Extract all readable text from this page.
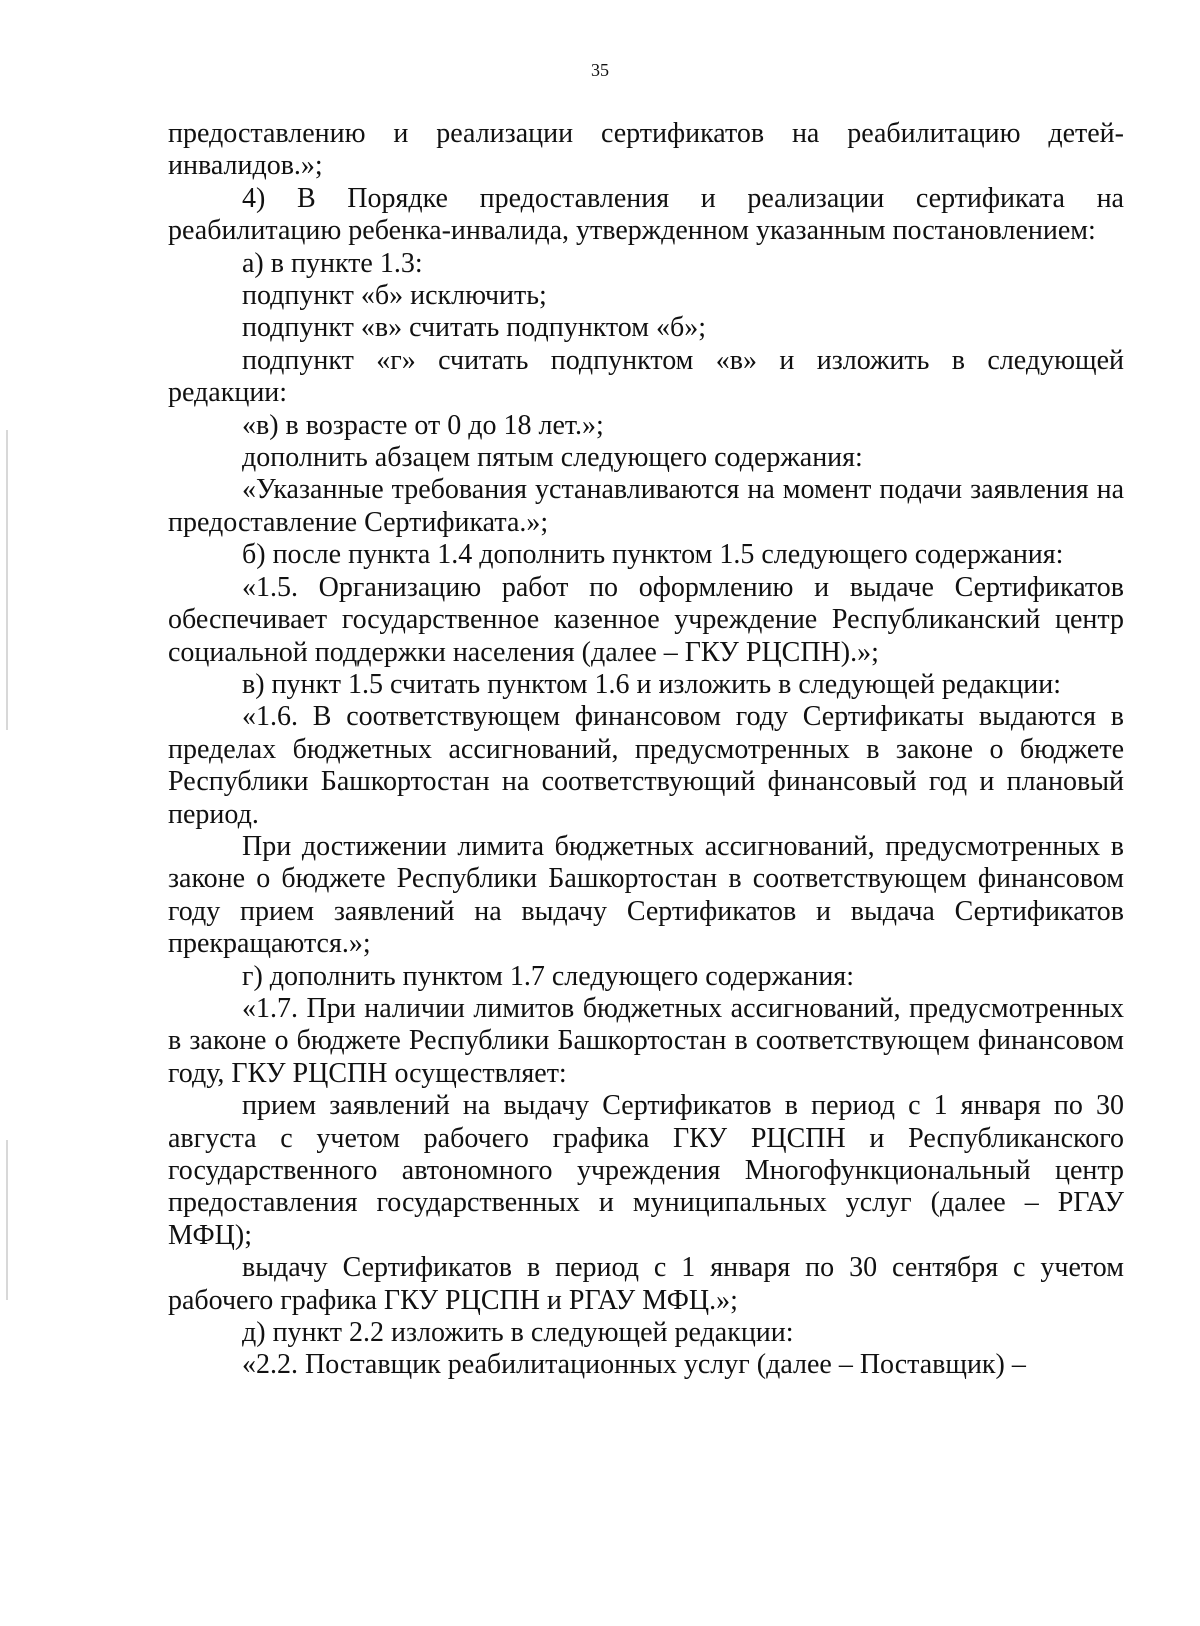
35

предоставлению и реализации сертификатов на реабилитацию детей-инвалидов.»;

4) В Порядке предоставления и реализации сертификата на реабилитацию ребенка-инвалида, утвержденном указанным постановлением:

а) в пункте 1.3:

подпункт «б» исключить;

подпункт «в» считать подпунктом «б»;

подпункт «г» считать подпунктом «в» и изложить в следующей редакции:

«в) в возрасте от 0 до 18 лет.»;

дополнить абзацем пятым следующего содержания:

«Указанные требования устанавливаются на момент подачи заявления на предоставление Сертификата.»;

б) после пункта 1.4 дополнить пунктом 1.5 следующего содержания:

«1.5. Организацию работ по оформлению и выдаче Сертификатов обеспечивает государственное казенное учреждение Республиканский центр социальной поддержки населения (далее – ГКУ РЦСПН).»;

в) пункт 1.5 считать пунктом 1.6 и изложить в следующей редакции:

«1.6. В соответствующем финансовом году Сертификаты выдаются в пределах бюджетных ассигнований, предусмотренных в законе о бюджете Республики Башкортостан на соответствующий финансовый год и плановый период.

При достижении лимита бюджетных ассигнований, предусмотренных в законе о бюджете Республики Башкортостан в соответствующем финансовом году прием заявлений на выдачу Сертификатов и выдача Сертификатов прекращаются.»;

г) дополнить пунктом 1.7 следующего содержания:

«1.7. При наличии лимитов бюджетных ассигнований, предусмотренных в законе о бюджете Республики Башкортостан в соответствующем финансовом году, ГКУ РЦСПН осуществляет:

прием заявлений на выдачу Сертификатов в период с 1 января по 30 августа с учетом рабочего графика ГКУ РЦСПН и Республиканского государственного автономного учреждения Многофункциональный центр предоставления государственных и муниципальных услуг (далее – РГАУ МФЦ);

выдачу Сертификатов в период с 1 января по 30 сентября с учетом рабочего графика ГКУ РЦСПН и РГАУ МФЦ.»;

д) пункт 2.2 изложить в следующей редакции:

«2.2. Поставщик реабилитационных услуг (далее – Поставщик) –
